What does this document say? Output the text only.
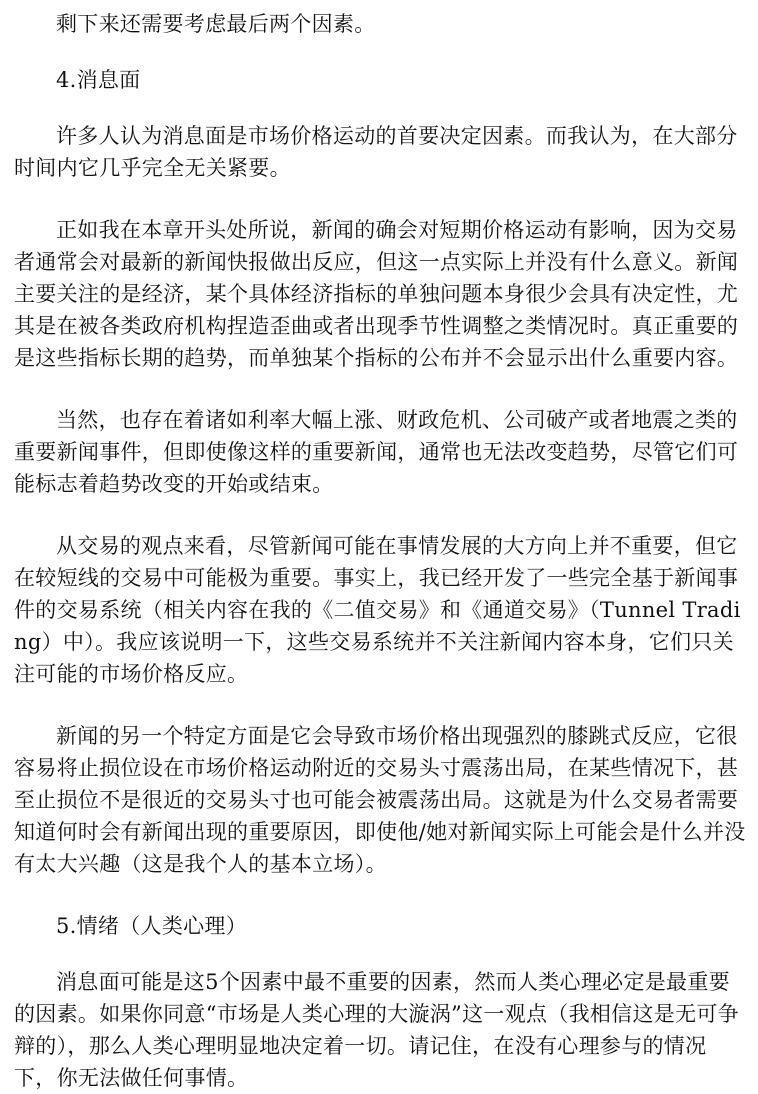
剩下来还需要考虑最后两个因素。

4.消息面

许多人认为消息面是市场价格运动的首要决定因素。而我认为，在大部分时间内它几乎完全无关紧要。

正如我在本章开头处所说，新闻的确会对短期价格运动有影响，因为交易者通常会对最新的新闻快报做出反应，但这一点实际上并没有什么意义。新闻主要关注的是经济，某个具体经济指标的单独问题本身很少会具有决定性，尤其是在被各类政府机构捏造歪曲或者出现季节性调整之类情况时。真正重要的是这些指标长期的趋势，而单独某个指标的公布并不会显示出什么重要内容。

当然，也存在着诸如利率大幅上涨、财政危机、公司破产或者地震之类的重要新闻事件，但即使像这样的重要新闻，通常也无法改变趋势，尽管它们可能标志着趋势改变的开始或结束。

从交易的观点来看，尽管新闻可能在事情发展的大方向上并不重要，但它在较短线的交易中可能极为重要。事实上，我已经开发了一些完全基于新闻事件的交易系统（相关内容在我的《二值交易》和《通道交易》（Tunnel Trading）中）。我应该说明一下，这些交易系统并不关注新闻内容本身，它们只关注可能的市场价格反应。

新闻的另一个特定方面是它会导致市场价格出现强烈的膝跳式反应，它很容易将止损位设在市场价格运动附近的交易头寸震荡出局，在某些情况下，甚至止损位不是很近的交易头寸也可能会被震荡出局。这就是为什么交易者需要知道何时会有新闻出现的重要原因，即使他/她对新闻实际上可能会是什么并没有太大兴趣（这是我个人的基本立场）。

5.情绪（人类心理）

消息面可能是这5个因素中最不重要的因素，然而人类心理必定是最重要的因素。如果你同意“市场是人类心理的大漩涡”这一观点（我相信这是无可争辩的），那么人类心理明显地决定着一切。请记住，在没有心理参与的情况下，你无法做任何事情。
